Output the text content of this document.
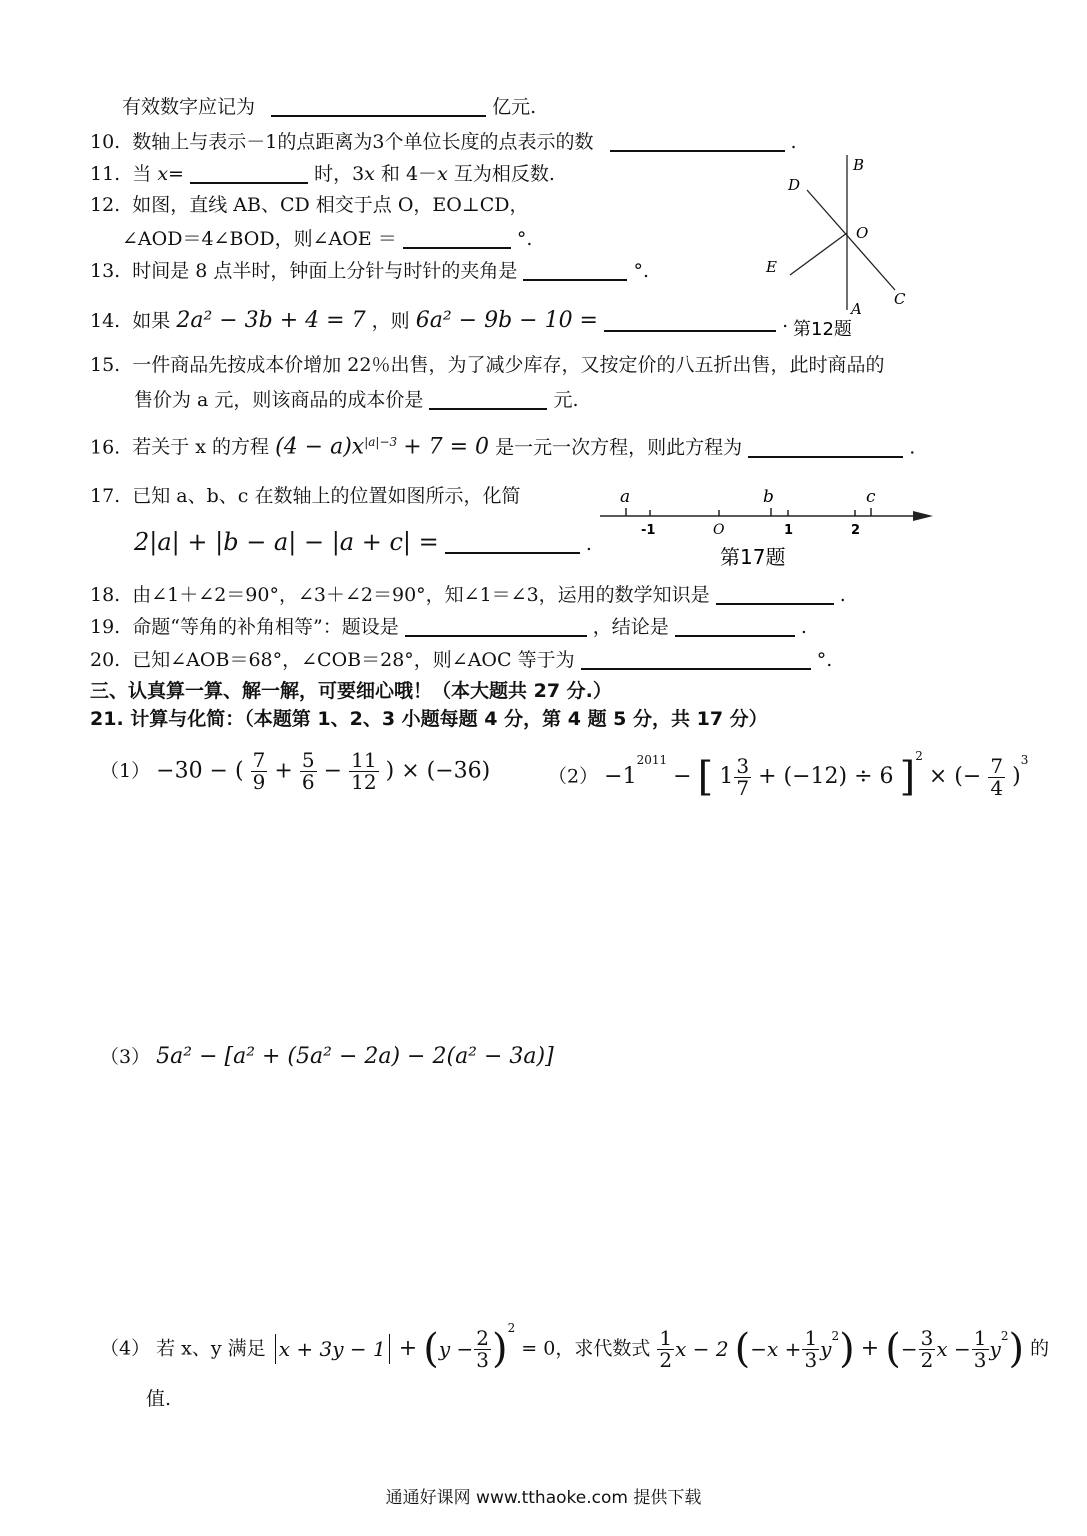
有效数字应记为	亿元.
10. 数轴上与表示－1的点距离为3个单位长度的点表示的数	.
11. 当 x=	时，3x 和 4－x 互为相反数.
12. 如图，直线 AB、CD 相交于点 O，EO⊥CD，
∠AOD＝4∠BOD，则∠AOE ＝	°.
13. 时间是 8 点半时，钟面上分针与时针的夹角是	°.
B
D
O
E
A
C
第12题
14. 如果 2a² − 3b + 4 = 7 ，则 6a² − 9b − 10 =	.
15. 一件商品先按成本价增加 22％出售，为了减少库存，又按定价的八五折出售，此时商品的
售价为 a 元，则该商品的成本价是	元.
16. 若关于 x 的方程 $(4 - a)x^{|a|-3} + 7 = 0$ 是一元一次方程，则此方程为	.
17. 已知 a、b、c 在数轴上的位置如图所示，化简
2|a| + |b − a| − |a + c| =	.
a	b	c
-1	O	1	2
第17题
18. 由∠1＋∠2＝90°，∠3＋∠2＝90°，知∠1＝∠3，运用的数学知识是	.
19. 命题“等角的补角相等”：题设是	，结论是	.
20. 已知∠AOB＝68°，∠COB＝28°，则∠AOC 等于为	°.
三、认真算一算、解一解，可要细心哦！（本大题共 27 分.）
21. 计算与化简：（本题第 1、2、3 小题每题 4 分，第 4 题 5 分，共 17 分）
（1） −30 − ( $\frac{7}{9} + \frac{5}{6} - \frac{11}{12}$ ) × (−36)	$(2) -1^{2011}$ − [ $1 \frac{3}{7} + (-12) \div 6$ ]$^2$ × (− $\frac{7}{4} )^3$
（3） 5a² − [a² + (5a² − 2a) − 2(a² − 3a)]
（4） 若 x、y 满足 $x + 3y - 1 + (y - \frac{2}{3} )^2 = 0$，求代数式 $\frac{1}{2}$ x − 2 $(-x + \frac{1}{3} y^2)$ + (− $\frac{3}{2}$ $x - \frac{1}{3} y^2$) 的
值.
通通好课网 www.tthaoke.com 提供下载
